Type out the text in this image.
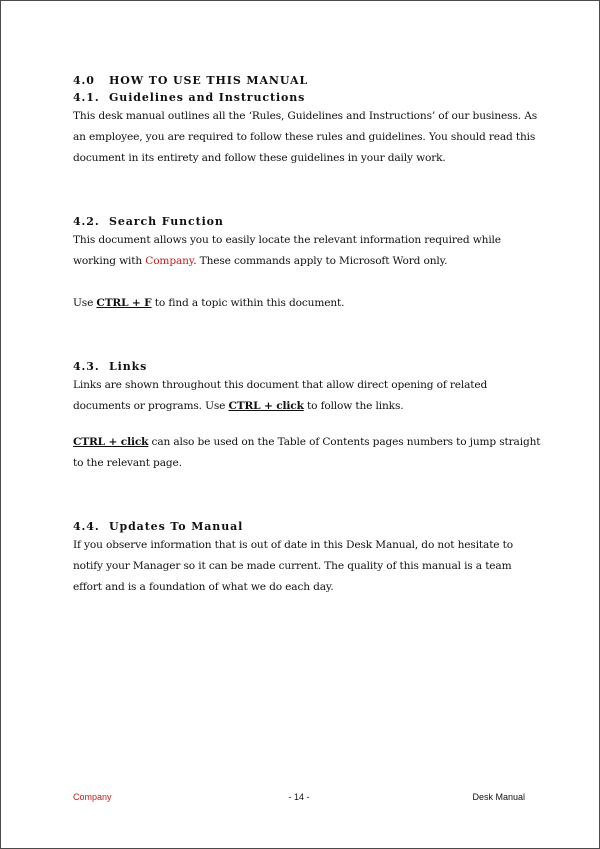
4.0 HOW TO USE THIS MANUAL
4.1. Guidelines and Instructions

This desk manual outlines all the ‘Rules, Guidelines and Instructions’ of our business. As
an employee, you are required to follow these rules and guidelines. You should read this
document in its entirety and follow these guidelines in your daily work.

4.2. Search Function

This document allows you to easily locate the relevant information required while
working with Company. These commands apply to Microsoft Word only.

Use CTRL + F to find a topic within this document.

4.3. Links

Links are shown throughout this document that allow direct opening of related
documents or programs. Use CTRL + click to follow the links.

CTRL + click can also be used on the Table of Contents pages numbers to jump straight
to the relevant page.

4.4. Updates To Manual

If you observe information that is out of date in this Desk Manual, do not hesitate to
notify your Manager so it can be made current. The quality of this manual is a team
effort and is a foundation of what we do each day.

Company	- 14 -	Desk Manual
